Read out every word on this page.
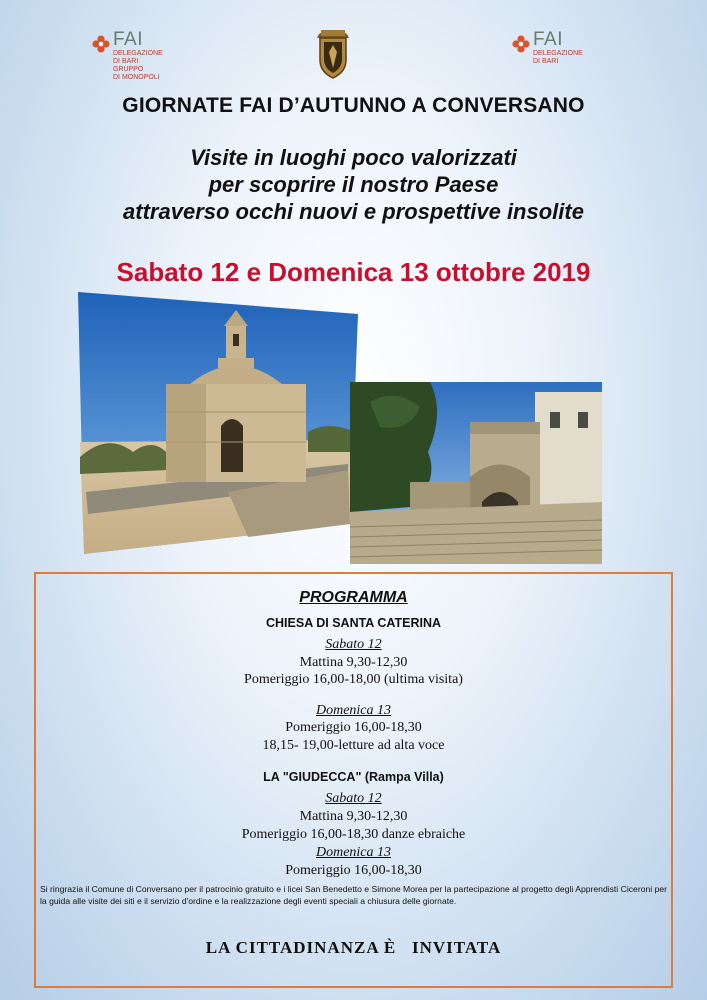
FAI
DELEGAZIONE
DI BARI
GRUPPO
DI MONOPOLI
FAI
DELEGAZIONE
DI BARI
GIORNATE FAI D’AUTUNNO A CONVERSANO
Visite in luoghi poco valorizzati
per scoprire il nostro Paese
attraverso occhi nuovi e prospettive insolite
Sabato 12 e Domenica 13 ottobre 2019
PROGRAMMA
CHIESA DI SANTA CATERINA
Sabato 12
Mattina 9,30-12,30
Pomeriggio 16,00-18,00 (ultima visita)
Domenica 13
Pomeriggio 16,00-18,30
18,15- 19,00-letture ad alta voce
LA "GIUDECCA" (Rampa Villa)
Sabato 12
Mattina 9,30-12,30
Pomeriggio 16,00-18,30 danze ebraiche
Domenica 13
Pomeriggio 16,00-18,30
Si ringrazia il Comune di Conversano per il patrocinio gratuito e i licei San Benedetto e Simone Morea per la partecipazione al progetto degli Apprendisti Ciceroni per la guida alle visite dei siti e il servizio d'ordine e la realizzazione degli eventi speciali a chiusura delle giornate.
LA CITTADINANZA È   INVITATA
